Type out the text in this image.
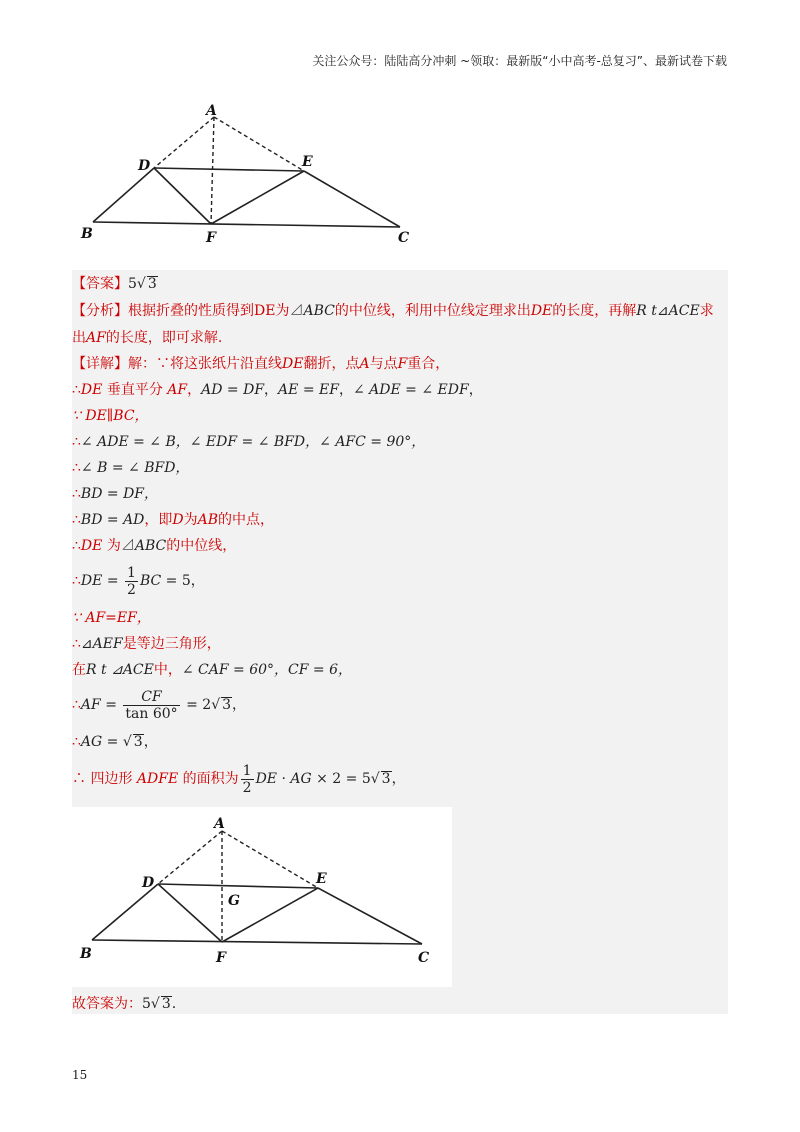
关注公众号：陆陆高分冲刺 ~领取：最新版“小中高考-总复习”、最新试卷下载
A
D	E
B	F	C
【答案】5√ 3
【分析】根据折叠的性质得到DE为⊿ABC的中位线，利用中位线定理求出DE的长度，再解R t⊿ACE求
出AF的长度，即可求解.
【详解】解：∵将这张纸片沿直线DE翻折，点A与点F重合，
∴DE 垂直平分 AF，AD = DF，AE = EF，∠ ADE = ∠ EDF，
∵ DE∥BC，
∴∠ ADE = ∠ B，∠ EDF = ∠ BFD，∠ AFC = 90°，
∴∠ B = ∠ BFD，
∴BD = DF，
∴BD = AD，即D为AB的中点，
∴DE 为⊿ABC的中位线，
∴DE = $\frac{1}{2}$ BC = 5，
∵ AF=EF，
∴⊿AEF是等边三角形，
在R t ⊿ACE中，∠ CAF = 60°，CF = 6，
∴AF = $\frac{CF}{\tan 60^\circ} = 2√$ 3，
∴AG = √ 3，
∴ 四边形 ADFE 的面积为 $\frac{1}{2}$ DE · AG × 2 = 5√ 3，
A
D	E
G
B	F	C
故答案为：5√ 3.
15
